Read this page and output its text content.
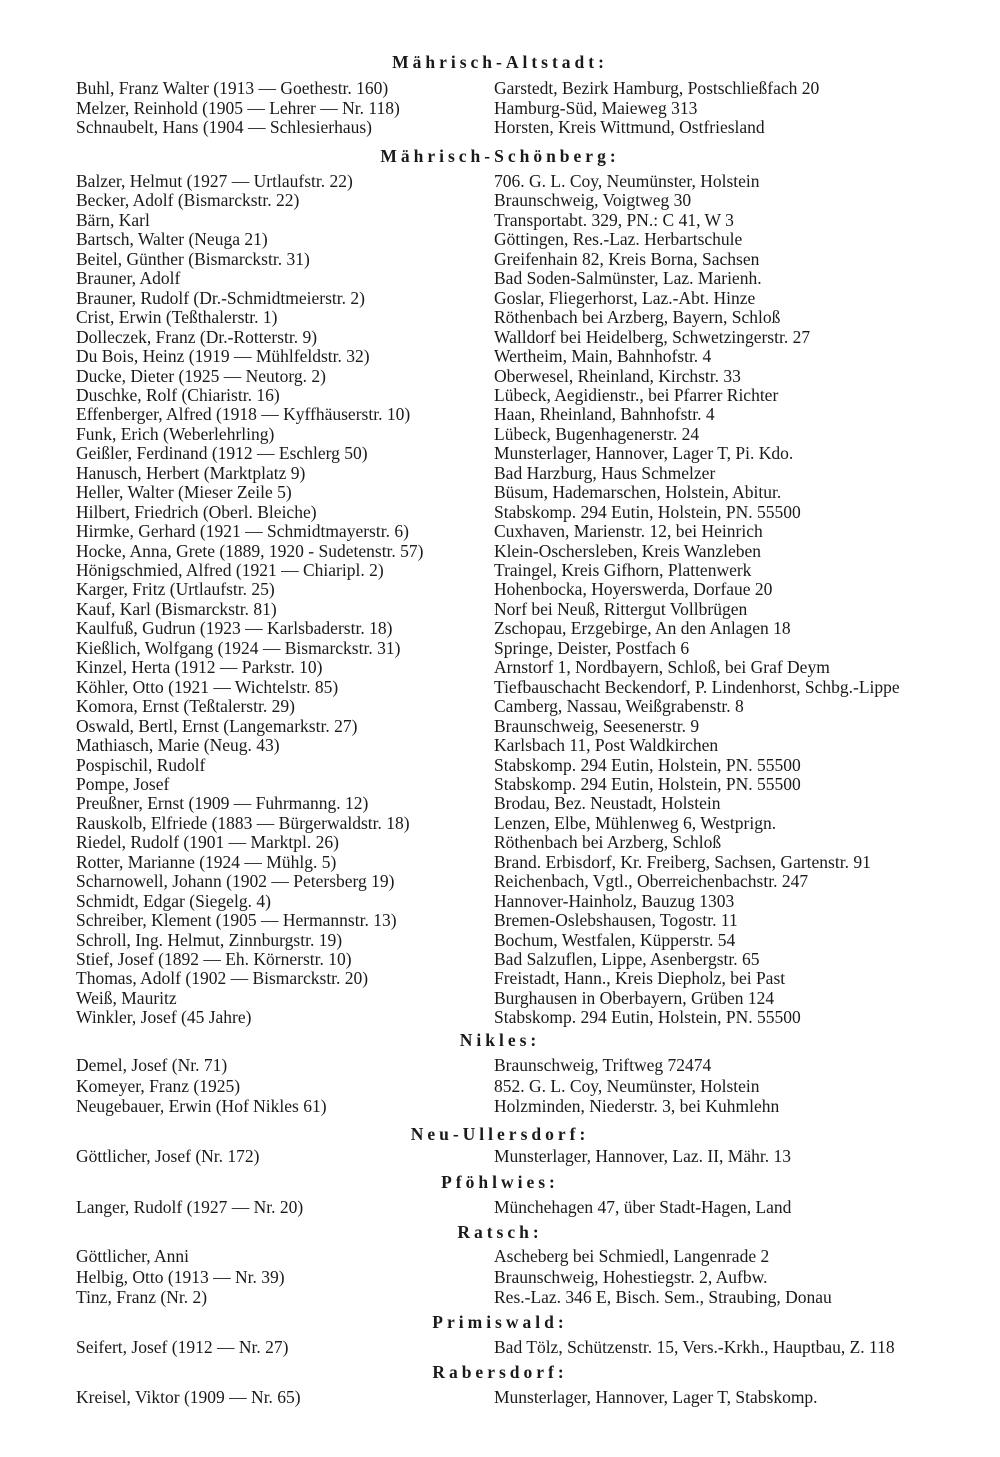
Mährisch-Altstadt:
Buhl, Franz Walter (1913 — Goethestr. 160)	Garstedt, Bezirk Hamburg, Postschließfach 20
Melzer, Reinhold (1905 — Lehrer — Nr. 118)	Hamburg-Süd, Maieweg 313
Schnaubelt, Hans (1904 — Schlesierhaus)	Horsten, Kreis Wittmund, Ostfriesland
Mährisch-Schönberg:
Balzer, Helmut (1927 — Urtlaufstr. 22)	706. G. L. Coy, Neumünster, Holstein
Becker, Adolf (Bismarckstr. 22)	Braunschweig, Voigtweg 30
Bärn, Karl	Transportabt. 329, PN.: C 41, W 3
Bartsch, Walter (Neuga 21)	Göttingen, Res.-Laz. Herbartschule
Beitel, Günther (Bismarckstr. 31)	Greifenhain 82, Kreis Borna, Sachsen
Brauner, Adolf	Bad Soden-Salmünster, Laz. Marienh.
Brauner, Rudolf (Dr.-Schmidtmeierstr. 2)	Goslar, Fliegerhorst, Laz.-Abt. Hinze
Crist, Erwin (Teßthalerstr. 1)	Röthenbach bei Arzberg, Bayern, Schloß
Dolleczek, Franz (Dr.-Rotterstr. 9)	Walldorf bei Heidelberg, Schwetzingerstr. 27
Du Bois, Heinz (1919 — Mühlfeldstr. 32)	Wertheim, Main, Bahnhofstr. 4
Ducke, Dieter (1925 — Neutorg. 2)	Oberwesel, Rheinland, Kirchstr. 33
Duschke, Rolf (Chiaristr. 16)	Lübeck, Aegidienstr., bei Pfarrer Richter
Effenberger, Alfred (1918 — Kyffhäuserstr. 10)	Haan, Rheinland, Bahnhofstr. 4
Funk, Erich (Weberlehrling)	Lübeck, Bugenhagenerstr. 24
Geißler, Ferdinand (1912 — Eschlerg 50)	Munsterlager, Hannover, Lager T, Pi. Kdo.
Hanusch, Herbert (Marktplatz 9)	Bad Harzburg, Haus Schmelzer
Heller, Walter (Mieser Zeile 5)	Büsum, Hademarschen, Holstein, Abitur.
Hilbert, Friedrich (Oberl. Bleiche)	Stabskomp. 294 Eutin, Holstein, PN. 55500
Hirmke, Gerhard (1921 — Schmidtmayerstr. 6)	Cuxhaven, Marienstr. 12, bei Heinrich
Hocke, Anna, Grete (1889, 1920 - Sudetenstr. 57)	Klein-Oschersleben, Kreis Wanzleben
Hönigschmied, Alfred (1921 — Chiaripl. 2)	Traingel, Kreis Gifhorn, Plattenwerk
Karger, Fritz (Urtlaufstr. 25)	Hohenbocka, Hoyerswerda, Dorfaue 20
Kauf, Karl (Bismarckstr. 81)	Norf bei Neuß, Rittergut Vollbrügen
Kaulfuß, Gudrun (1923 — Karlsbaderstr. 18)	Zschopau, Erzgebirge, An den Anlagen 18
Kießlich, Wolfgang (1924 — Bismarckstr. 31)	Springe, Deister, Postfach 6
Kinzel, Herta (1912 — Parkstr. 10)	Arnstorf 1, Nordbayern, Schloß, bei Graf Deym
Köhler, Otto (1921 — Wichtelstr. 85)	Tiefbauschacht Beckendorf, P. Lindenhorst, Schbg.-Lippe
Komora, Ernst (Teßtalerstr. 29)	Camberg, Nassau, Weißgrabenstr. 8
Oswald, Bertl, Ernst (Langemarkstr. 27)	Braunschweig, Seesenerstr. 9
Mathiasch, Marie (Neug. 43)	Karlsbach 11, Post Waldkirchen
Pospischil, Rudolf	Stabskomp. 294 Eutin, Holstein, PN. 55500
Pompe, Josef	Stabskomp. 294 Eutin, Holstein, PN. 55500
Preußner, Ernst (1909 — Fuhrmanng. 12)	Brodau, Bez. Neustadt, Holstein
Rauskolb, Elfriede (1883 — Bürgerwaldstr. 18)	Lenzen, Elbe, Mühlenweg 6, Westprign.
Riedel, Rudolf (1901 — Marktpl. 26)	Röthenbach bei Arzberg, Schloß
Rotter, Marianne (1924 — Mühlg. 5)	Brand. Erbisdorf, Kr. Freiberg, Sachsen, Gartenstr. 91
Scharnowell, Johann (1902 — Petersberg 19)	Reichenbach, Vgtl., Oberreichenbachstr. 247
Schmidt, Edgar (Siegelg. 4)	Hannover-Hainholz, Bauzug 1303
Schreiber, Klement (1905 — Hermannstr. 13)	Bremen-Oslebshausen, Togostr. 11
Schroll, Ing. Helmut, Zinnburgstr. 19)	Bochum, Westfalen, Küpperstr. 54
Stief, Josef (1892 — Eh. Körnerstr. 10)	Bad Salzuflen, Lippe, Asenbergstr. 65
Thomas, Adolf (1902 — Bismarckstr. 20)	Freistadt, Hann., Kreis Diepholz, bei Past
Weiß, Mauritz	Burghausen in Oberbayern, Grüben 124
Winkler, Josef (45 Jahre)	Stabskomp. 294 Eutin, Holstein, PN. 55500
Nikles:
Demel, Josef (Nr. 71)	Braunschweig, Triftweg 72474
Komeyer, Franz (1925)	852. G. L. Coy, Neumünster, Holstein
Neugebauer, Erwin (Hof Nikles 61)	Holzminden, Niederstr. 3, bei Kuhmlehn
Neu-Ullersdorf:
Göttlicher, Josef (Nr. 172)	Munsterlager, Hannover, Laz. II, Mähr. 13
Pföhlwies:
Langer, Rudolf (1927 — Nr. 20)	Münchehagen 47, über Stadt-Hagen, Land
Ratsch:
Göttlicher, Anni	Ascheberg bei Schmiedl, Langenrade 2
Helbig, Otto (1913 — Nr. 39)	Braunschweig, Hohestiegstr. 2, Aufbw.
Tinz, Franz (Nr. 2)	Res.-Laz. 346 E, Bisch. Sem., Straubing, Donau
Primiswald:
Seifert, Josef (1912 — Nr. 27)	Bad Tölz, Schützenstr. 15, Vers.-Krkh., Hauptbau, Z. 118
Rabersdorf:
Kreisel, Viktor (1909 — Nr. 65)	Munsterlager, Hannover, Lager T, Stabskomp.
